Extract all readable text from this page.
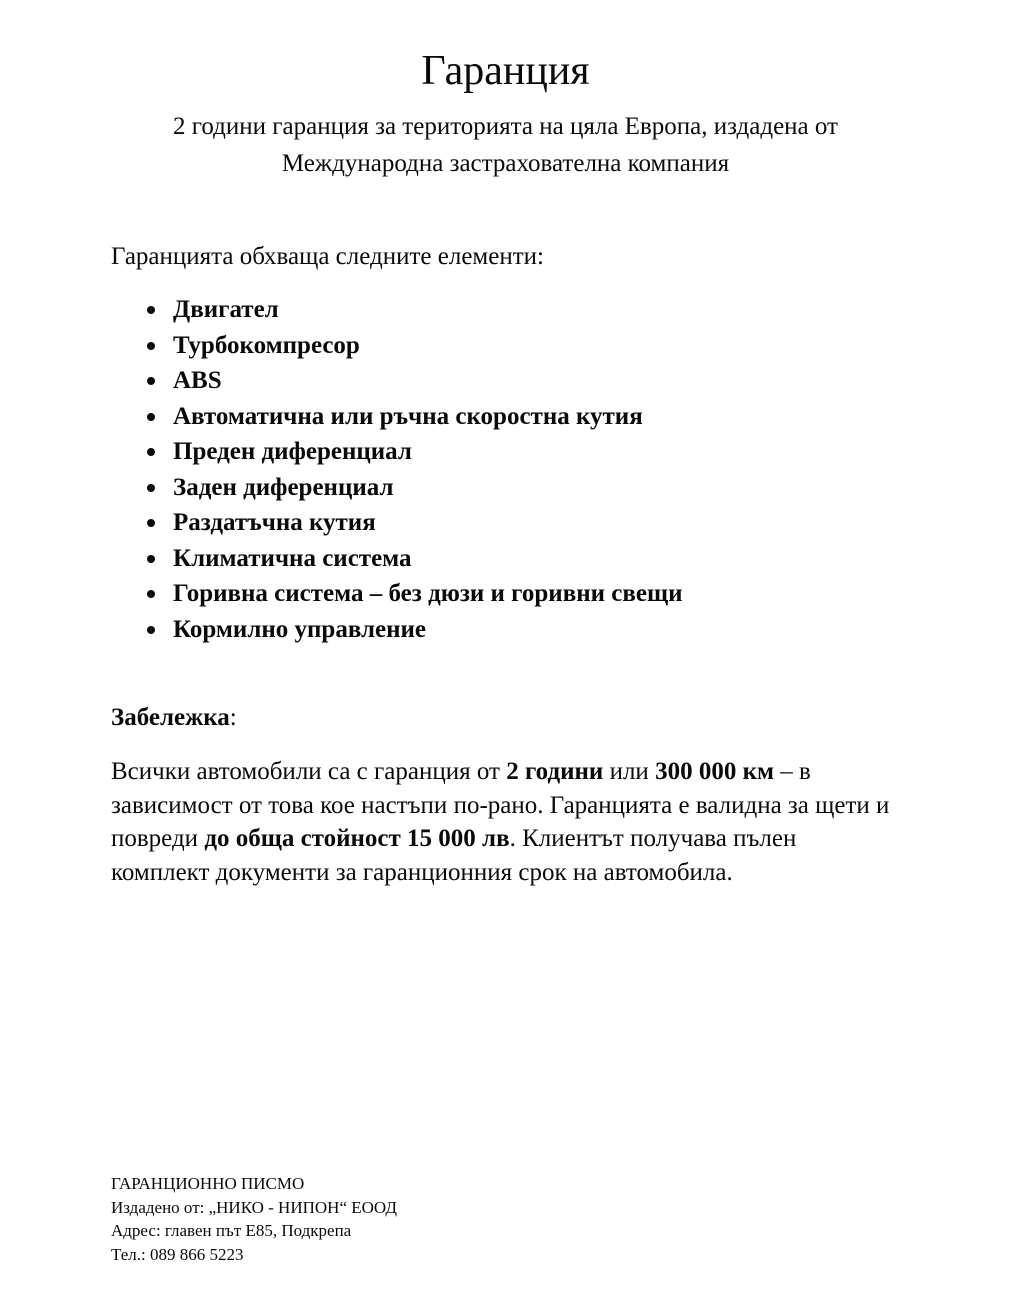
Гаранция

2 години гаранция за територията на цяла Европа, издадена от
Международна застрахователна компания

Гаранцията обхваща следните елементи:

Двигател
Турбокомпресор
ABS
Автоматична или ръчна скоростна кутия
Преден диференциал
Заден диференциал
Раздатъчна кутия
Климатична система
Горивна система – без дюзи и горивни свещи
Кормилно управление

Забележка:

Всички автомобили са с гаранция от 2 години или 300 000 км – в зависимост от това кое настъпи по-рано. Гаранцията е валидна за щети и повреди до обща стойност 15 000 лв. Клиентът получава пълен комплект документи за гаранционния срок на автомобила.

ГАРАНЦИОННО ПИСМО
Издадено от: „НИКО - НИПОН“ ЕООД
Адрес: главен път Е85, Подкрепа
Тел.: 089 866 5223
